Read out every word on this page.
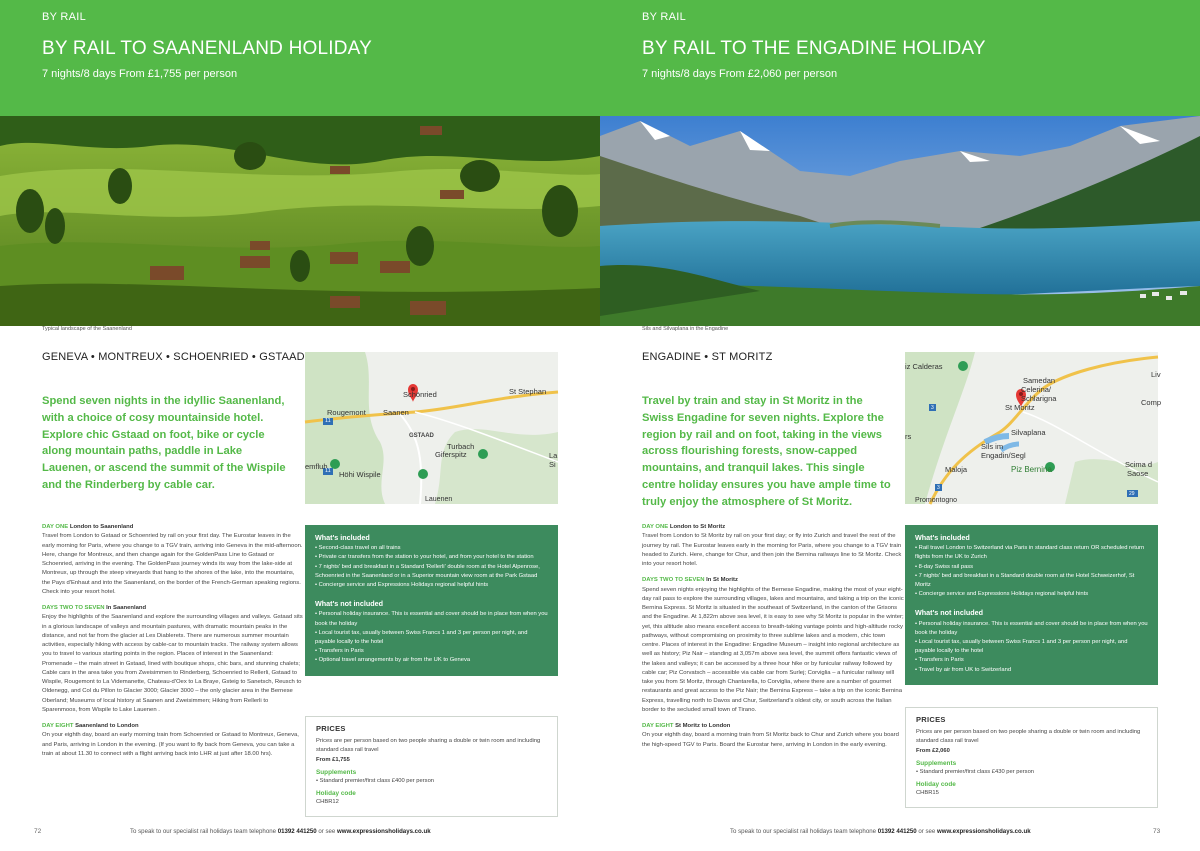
BY RAIL
BY RAIL TO SAANENLAND HOLIDAY
7 nights/8 days From £1,755 per person
Typical landscape of the Saanenland
GENEVA • MONTREUX • SCHOENRIED • GSTAAD
Spend seven nights in the idyllic Saanenland, with a choice of cosy mountainside hotel. Explore chic Gstaad on foot, bike or cycle along mountain paths, paddle in Lake Lauenen, or ascend the summit of the Wispile and the Rinderberg by cable car.
Schönried
Saanen
Rougemont
St Stephan
GSTAAD
Turbach
Giferspitz
Höhi Wispile
Lauenen
emfluh
La
Si
11
11
DAY ONE London to Saanenland

Travel from London to Gstaad or Schoenried by rail on your first day. The Eurostar leaves in the early morning for Paris, where you change to a TGV train, arriving into Geneva in the mid-afternoon. Here, change for Montreux, and then change again for the GoldenPass Line to Gstaad or Schoenried, arriving in the evening. The GoldenPass journey winds its way from the lake-side at Montreux, up through the steep vineyards that hang to the shores of the lake, into the mountains, the Pays d'Enhaut and into the Saanenland, on the border of the French-German speaking regions. Check into your resort hotel.

DAYS TWO TO SEVEN In Saanenland

Enjoy the highlights of the Saanenland and explore the surrounding villages and valleys. Gstaad sits in a glorious landscape of valleys and mountain pastures, with dramatic mountain peaks in the distance, and not far from the glacier at Les Diablerets. There are numerous summer mountain activities, especially hiking with access by cable-car to mountain tracks. The railway system allows you to travel to various starting points in the region. Places of interest in the Saanenland: Promenade – the main street in Gstaad, lined with boutique shops, chic bars, and stunning chalets; Cable cars in the area take you from Zweisimmen to Rinderberg, Schoenried to Rellerli, Gstaad to Wispile, Rougemont to La Videmanette, Chateau-d'Oex to La Braye, Gsteig to Sanetsch, Reusch to Oldenegg, and Col du Pillon to Glacier 3000; Glacier 3000 – the only glacier area in the Bernese Oberland; Museums of local history at Saanen and Zweisimmen; Hiking from Rellerli to Sparenmoos, from Wispile to Lake Lauenen .

DAY EIGHT Saanenland to London

On your eighth day, board an early morning train from Schoenried or Gstaad to Montreux, Geneva, and Paris, arriving in London in the evening. (If you want to fly back from Geneva, you can take a train at about 11.30 to connect with a flight arriving back into LHR at just after 18.00 hrs).

What's included
• Second-class travel on all trains
• Private car transfers from the station to your hotel, and from your hotel to the station
• 7 nights' bed and breakfast in a Standard 'Rellerli' double room at the Hotel Alpenrose, Schoenried in the Saanenland or in a Superior mountain view room at the Park Gstaad
• Concierge service and Expressions Holidays regional helpful hints
What's not included
• Personal holiday insurance. This is essential and cover should be in place from when you book the holiday
• Local tourist tax, usually between Swiss Francs 1 and 3 per person per night, and payable locally to the hotel
• Transfers in Paris
• Optional travel arrangements by air from the UK to Geneva
PRICES
Prices are per person based on two people sharing a double or twin room and including standard class rail travel
From £1,755
Supplements
• Standard premier/first class £400 per person
Holiday code
CHBR12
72	To speak to our specialist rail holidays team telephone 01392 441250 or see www.expressionsholidays.co.uk
BY RAIL
BY RAIL TO THE ENGADINE HOLIDAY
7 nights/8 days From £2,060 per person
Sils and Silvaplana in the Engadine
ENGADINE • ST MORITZ
Travel by train and stay in St Moritz in the Swiss Engadine for seven nights. Explore the region by rail and on foot, taking in the views across flourishing forests, snow-capped mountains, and tranquil lakes. This single centre holiday ensures you have ample time to truly enjoy the atmosphere of St Moritz.
iz Calderas
Samedan
Celerina/
Schlarigna
St Moritz
Silvaplana
Sils im
Engadin/Segl
Maloja	Piz Bernina
Scima d
Saose
Comp
Liv
rs
3
3
29
Promontogno
DAY ONE London to St Moritz

Travel from London to St Moritz by rail on your first day; or fly into Zurich and travel the rest of the journey by rail. The Eurostar leaves early in the morning for Paris, where you change to a TGV train headed to Zurich. Here, change for Chur, and then join the Bernina railways line to St Moritz. Check into your resort hotel.

DAYS TWO TO SEVEN In St Moritz

Spend seven nights enjoying the highlights of the Bernese Engadine, making the most of your eight-day rail pass to explore the surrounding villages, lakes and mountains, and taking a trip on the iconic Bernina Express. St Moritz is situated in the southeast of Switzerland, in the canton of the Grisons and the Engadine. At 1,822m above sea level, it is easy to see why St Moritz is popular in the winter; yet, this altitude also means excellent access to breath-taking vantage points and high-altitude rocky pathways, without compromising on proximity to three sublime lakes and a modern, chic town centre. Places of interest in the Engadine: Engadine Museum – insight into regional architecture as well as history; Piz Nair – standing at 3,057m above sea level, the summit offers fantastic views of the lakes and valleys; it can be accessed by a three hour hike or by funicular railway followed by cable car; Piz Corvatsch – accessible via cable car from Surlej; Corviglia – a funicular railway will take you from St Moritz, through Chantarella, to Corviglia, where there are a number of gourmet restaurants and great access to the Piz Nair; the Bernina Express – take a trip on the iconic Bernina Express, travelling north to Davos and Chur, Switzerland's oldest city, or south across the Italian border to the secluded small town of Tirano.

DAY EIGHT St Moritz to London

On your eighth day, board a morning train from St Moritz back to Chur and Zurich where you board the high-speed TGV to Paris. Board the Eurostar here, arriving in London in the early evening.

What's included
• Rail travel London to Switzerland via Paris in standard class return OR scheduled return flights from the UK to Zurich
• 8-day Swiss rail pass
• 7 nights' bed and breakfast in a Standard double room at the Hotel Schweizerhof, St Moritz
• Concierge service and Expressions Holidays regional helpful hints
What's not included
• Personal holiday insurance. This is essential and cover should be in place from when you book the holiday
• Local tourist tax, usually between Swiss Francs 1 and 3 per person per night, and payable locally to the hotel
• Transfers in Paris
• Travel by air from UK to Switzerland
PRICES
Prices are per person based on two people sharing a double or twin room and including standard class rail travel
From £2,060
Supplements
• Standard premier/first class £430 per person
Holiday code
CHBR15
To speak to our specialist rail holidays team telephone 01392 441250 or see www.expressionsholidays.co.uk	73
